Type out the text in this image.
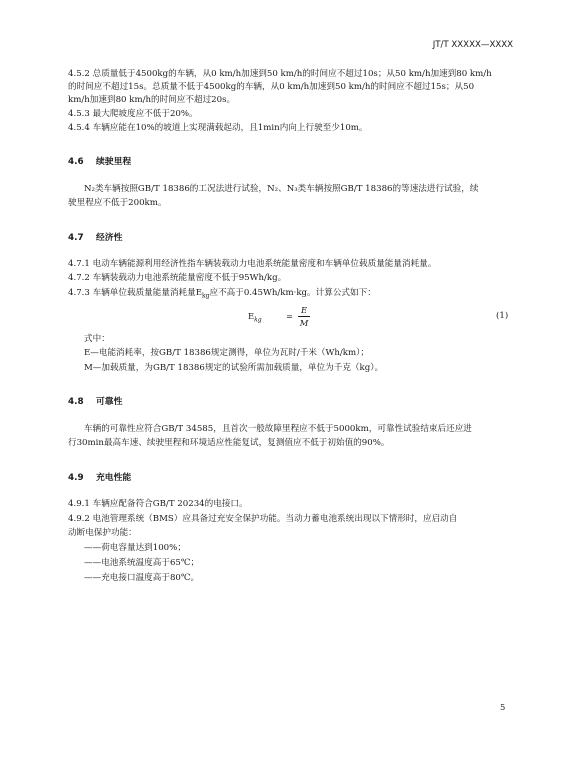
JT/T XXXXX—XXXX
4.5.2 总质量低于4500kg的车辆，从0 km/h加速到50 km/h的时间应不超过10s；从50 km/h加速到80 km/h
的时间应不超过15s。总质量不低于4500kg的车辆，从0 km/h加速到50 km/h的时间应不超过15s；从50
km/h加速到80 km/h的时间应不超过20s。
4.5.3 最大爬坡度应不低于20%。
4.5.4 车辆应能在10%的坡道上实现满载起动，且1min内向上行驶至少10m。
N₂类车辆按照GB/T 18386的工况法进行试验，N₂、N₃类车辆按照GB/T 18386的等速法进行试验，续
驶里程应不低于200km。
4.7.1 电动车辆能源利用经济性指车辆装载动力电池系统能量密度和车辆单位载质量能量消耗量。
4.7.2 车辆装载动力电池系统能量密度不低于95Wh/kg。
式中：
E—电能消耗率，按GB/T 18386规定测得，单位为瓦时/千米（Wh/km）；
M—加载质量，为GB/T 18386规定的试验所需加载质量，单位为千克（kg）。
车辆的可靠性应符合GB/T 34585，且首次一般故障里程应不低于5000km，可靠性试验结束后还应进
行30min最高车速、续驶里程和环境适应性能复试，复测值应不低于初始值的90%。
4.9.1 车辆应配备符合GB/T 20234的电接口。
4.9.2 电池管理系统（BMS）应具备过充安全保护功能。当动力蓄电池系统出现以下情形时，应启动自
动断电保护功能：
——荷电容量达到100%；
——电池系统温度高于65℃；
——充电接口温度高于80℃。
4.6 续驶里程
4.7 经济性
4.8 可靠性
4.9 充电性能
4.7.3 车辆单位载质量能量消耗量$E_{kg}$应不高于0.45Wh/km·kg。计算公式如下：
$E_{kg}$	=
E
M
(1)
5
